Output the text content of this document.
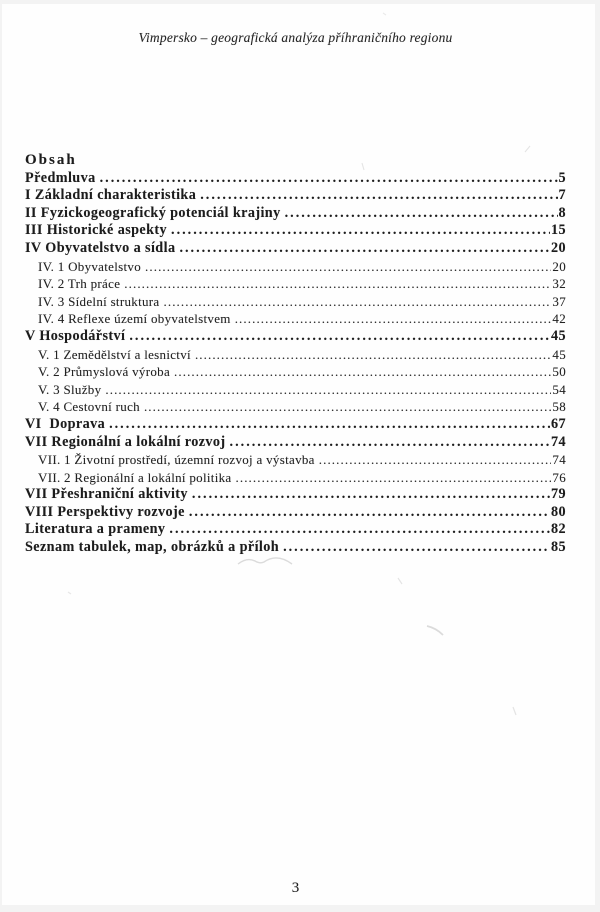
Vimpersko – geografická analýza příhraničního regionu
Obsah
Předmluva .....	5
I Základní charakteristika .....	7
II Fyzickogeografický potenciál krajiny .....	8
III Historické aspekty .....	15
IV Obyvatelstvo a sídla .....	20
IV. 1 Obyvatelstvo .....	20
IV. 2 Trh práce .....	32
IV. 3 Sídelní struktura .....	37
IV. 4 Reflexe území obyvatelstvem .....	42
V Hospodářství .....	45
V. 1 Zemědělství a lesnictví .....	45
V. 2 Průmyslová výroba .....	50
V. 3 Služby .....	54
V. 4 Cestovní ruch .....	58
VI  Doprava .....	67
VII Regionální a lokální rozvoj .....	74
VII. 1 Životní prostředí, územní rozvoj a výstavba .....	74
VII. 2 Regionální a lokální politika .....	76
VII Přeshraniční aktivity .....	79
VIII Perspektivy rozvoje .....	80
Literatura a prameny .....	82
Seznam tabulek, map, obrázků a příloh .....	85
3
